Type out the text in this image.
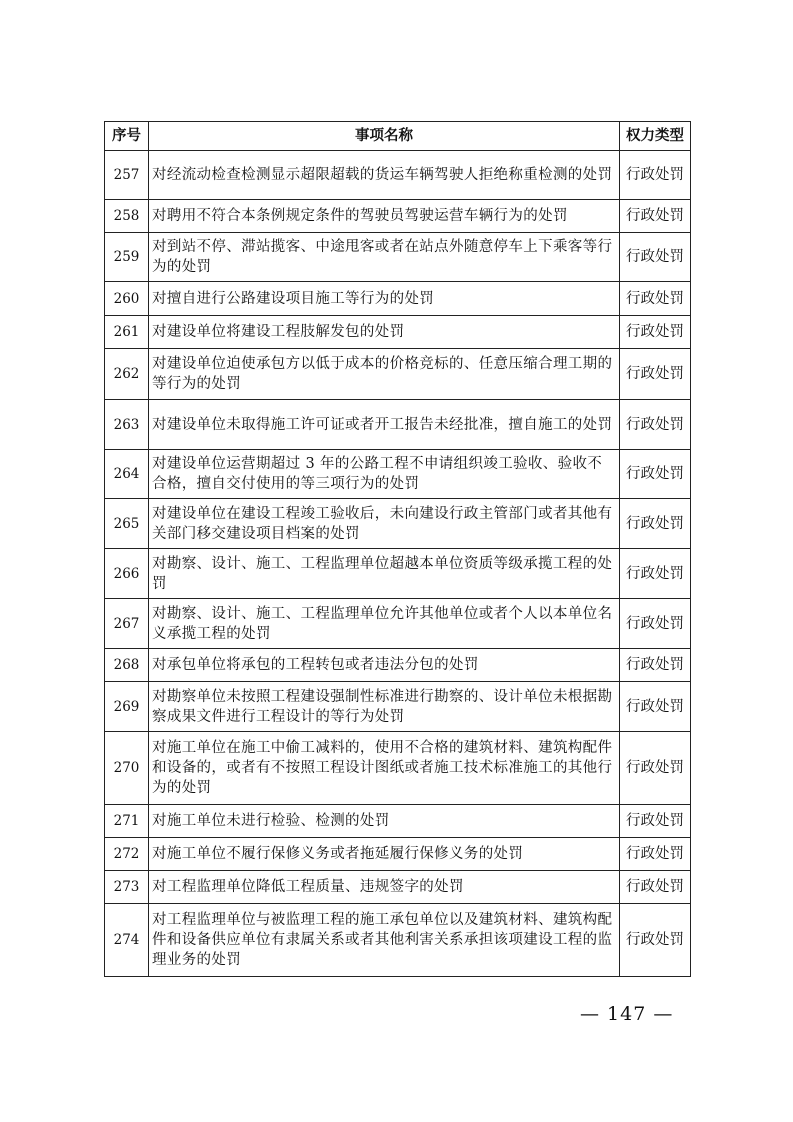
序号	事项名称	权力类型
257	对经流动检查检测显示超限超载的货运车辆驾驶人拒绝称重检测的处罚	行政处罚
258	对聘用不符合本条例规定条件的驾驶员驾驶运营车辆行为的处罚	行政处罚
259	对到站不停、滞站揽客、中途甩客或者在站点外随意停车上下乘客等行为的处罚	行政处罚
260	对擅自进行公路建设项目施工等行为的处罚	行政处罚
261	对建设单位将建设工程肢解发包的处罚	行政处罚
262	对建设单位迫使承包方以低于成本的价格竞标的、任意压缩合理工期的等行为的处罚	行政处罚
263	对建设单位未取得施工许可证或者开工报告未经批准，擅自施工的处罚	行政处罚
264	对建设单位运营期超过 3 年的公路工程不申请组织竣工验收、验收不合格，擅自交付使用的等三项行为的处罚	行政处罚
265	对建设单位在建设工程竣工验收后，未向建设行政主管部门或者其他有关部门移交建设项目档案的处罚	行政处罚
266	对勘察、设计、施工、工程监理单位超越本单位资质等级承揽工程的处罚	行政处罚
267	对勘察、设计、施工、工程监理单位允许其他单位或者个人以本单位名义承揽工程的处罚	行政处罚
268	对承包单位将承包的工程转包或者违法分包的处罚	行政处罚
269	对勘察单位未按照工程建设强制性标准进行勘察的、设计单位未根据勘察成果文件进行工程设计的等行为处罚	行政处罚
270	对施工单位在施工中偷工减料的，使用不合格的建筑材料、建筑构配件和设备的，或者有不按照工程设计图纸或者施工技术标准施工的其他行为的处罚	行政处罚
271	对施工单位未进行检验、检测的处罚	行政处罚
272	对施工单位不履行保修义务或者拖延履行保修义务的处罚	行政处罚
273	对工程监理单位降低工程质量、违规签字的处罚	行政处罚
274	对工程监理单位与被监理工程的施工承包单位以及建筑材料、建筑构配件和设备供应单位有隶属关系或者其他利害关系承担该项建设工程的监理业务的处罚	行政处罚
— 147 —
